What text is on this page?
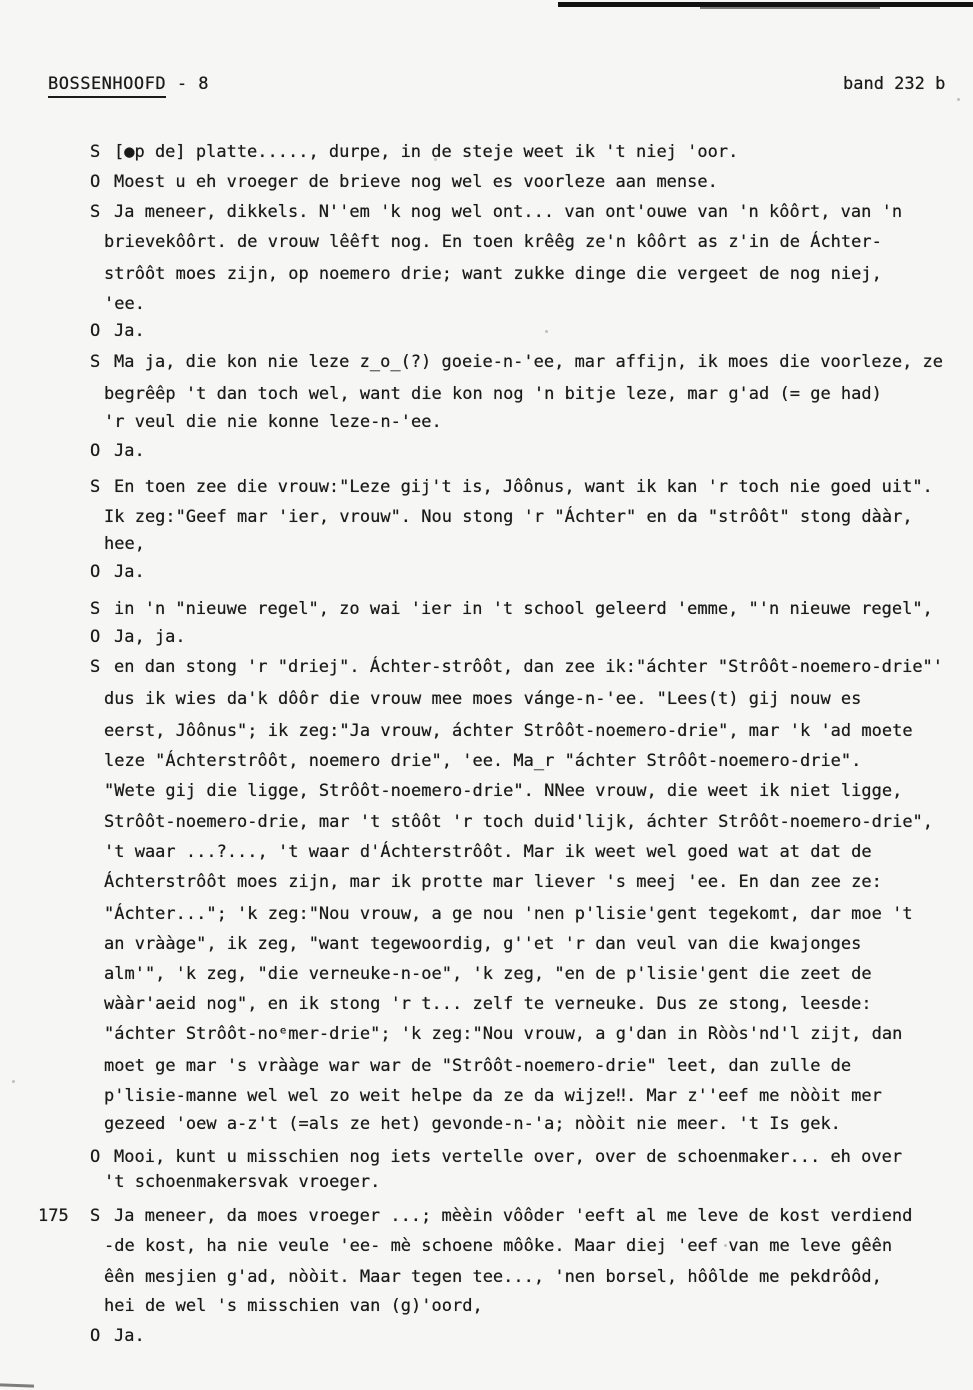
BOSSENHOOFD - 8	band 232 b
S [●p de] platte....., durpe, in de steje weet ik 't niej 'oor.
O Moest u eh vroeger de brieve nog wel es voorleze aan mense.
S Ja meneer, dikkels. N''em 'k nog wel ont... van ont'ouwe van 'n kôôrt, van 'n
brievekôôrt. de vrouw lêêft nog. En toen krêêg ze'n kôôrt as z'in de Áchter-
strôôt moes zijn, op noemero drie; want zukke dinge die vergeet de nog niej,
'ee.
O Ja.
S Ma ja, die kon nie leze z̲o̲(?) goeie-n-'ee, mar affijn, ik moes die voorleze, ze
begrêêp 't dan toch wel, want die kon nog 'n bitje leze, mar g'ad (= ge had)
'r veul die nie konne leze-n-'ee.
O Ja.
S En toen zee die vrouw:"Leze gij't is, Jôônus, want ik kan 'r toch nie goed uit".
Ik zeg:"Geef mar 'ier, vrouw". Nou stong 'r "Áchter" en da "strôôt" stong dààr,
hee,
O Ja.
S in 'n "nieuwe regel", zo wai 'ier in 't school geleerd 'emme, "'n nieuwe regel",
O Ja, ja.
S en dan stong 'r "driej". Áchter-strôôt, dan zee ik:"áchter "Strôôt-noemero-drie"'
dus ik wies da'k dôôr die vrouw mee moes vánge-n-'ee. "Lees(t) gij nouw es
eerst, Jôônus"; ik zeg:"Ja vrouw, áchter Strôôt-noemero-drie", mar 'k 'ad moete
leze "Áchterstrôôt, noemero drie", 'ee. Ma̲r "áchter Strôôt-noemero-drie".
"Wete gij die ligge, Strôôt-noemero-drie". NNee vrouw, die weet ik niet ligge,
Strôôt-noemero-drie, mar 't stôôt 'r toch duid'lijk, áchter Strôôt-noemero-drie",
't waar ...?..., 't waar d'Áchterstrôôt. Mar ik weet wel goed wat at dat de
Áchterstrôôt moes zijn, mar ik protte mar liever 's meej 'ee. En dan zee ze:
"Áchter..."; 'k zeg:"Nou vrouw, a ge nou 'nen p'lisie'gent tegekomt, dar moe 't
an vrààge", ik zeg, "want tegewoordig, g''et 'r dan veul van die kwajonges
alm'", 'k zeg, "die verneuke-n-oe", 'k zeg, "en de p'lisie'gent die zeet de
wààr'aeid nog", en ik stong 'r t... zelf te verneuke. Dus ze stong, leesde:
"áchter Strôôt-noᵉmer-drie"; 'k zeg:"Nou vrouw, a g'dan in Ròòs'nd'l zijt, dan
moet ge mar 's vrààge war war de "Strôôt-noemero-drie" leet, dan zulle de
p'lisie-manne wel wel zo weit helpe da ze da wijze‼. Mar z''eef me nòòit mer
gezeed 'oew a-z't (=als ze het) gevonde-n-'a; nòòit nie meer. 't Is gek.
O Mooi, kunt u misschien nog iets vertelle over, over de schoenmaker... eh over
't schoenmakersvak vroeger.
175 S Ja meneer, da moes vroeger ...; mèèin vôôder 'eeft al me leve de kost verdiend
-de kost, ha nie veule 'ee- mè schoene môôke. Maar diej 'eef van me leve gêên
êên mesjien g'ad, nòòit. Maar tegen tee..., 'nen borsel, hôôlde me pekdrôôd,
hei de wel 's misschien van (g)'oord,
O Ja.
